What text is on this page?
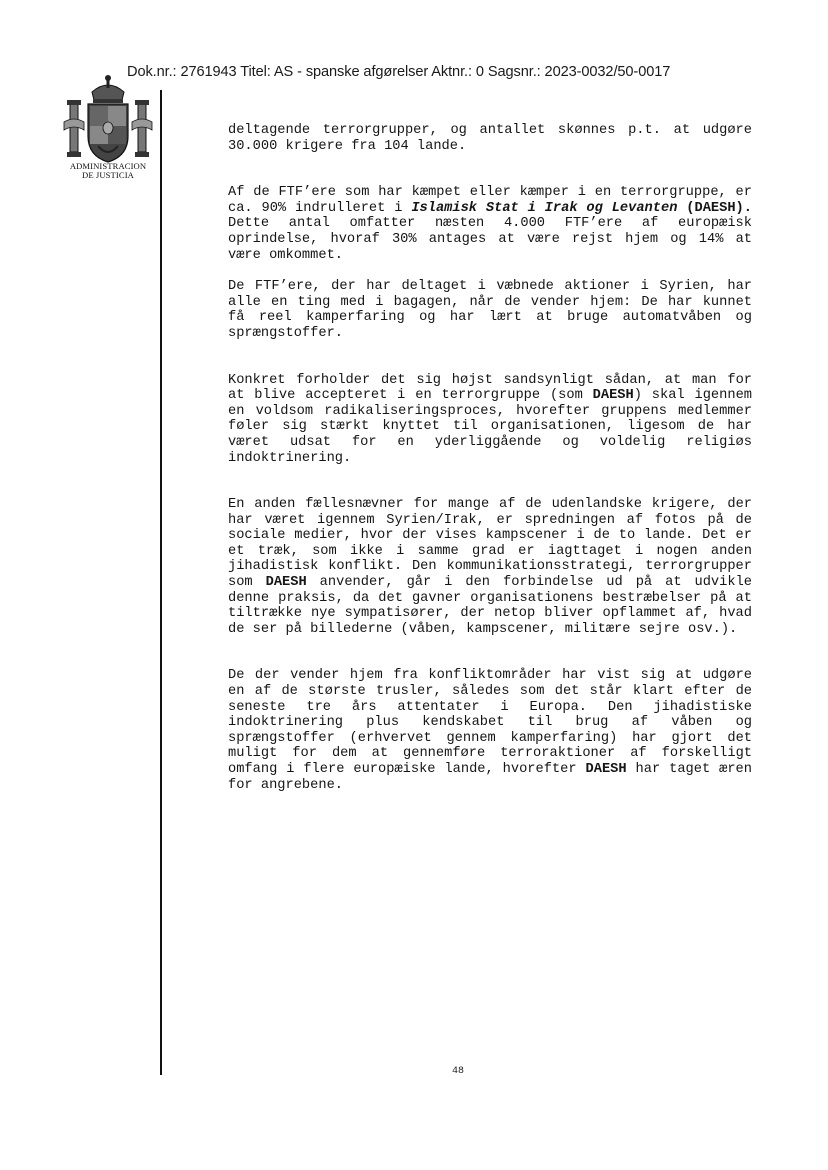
Dok.nr.: 2761943 Titel: AS - spanske afgørelser Aktnr.: 0 Sagsnr.: 2023-0032/50-0017
ADMINISTRACION
DE JUSTICIA

deltagende terrorgrupper, og antallet skønnes p.t. at udgøre 30.000 krigere fra 104 lande.

Af de FTF’ere som har kæmpet eller kæmper i en terrorgruppe, er ca. 90% indrulleret i Islamisk Stat i Irak og Levanten (DAESH). Dette antal omfatter næsten 4.000 FTF’ere af europæisk oprindelse, hvoraf 30% antages at være rejst hjem og 14% at være omkommet.

De FTF’ere, der har deltaget i væbnede aktioner i Syrien, har alle en ting med i bagagen, når de vender hjem: De har kunnet få reel kamperfaring og har lært at bruge automatvåben og sprængstoffer.

Konkret forholder det sig højst sandsynligt sådan, at man for at blive accepteret i en terrorgruppe (som DAESH) skal igennem en voldsom radikaliseringsproces, hvorefter gruppens medlemmer føler sig stærkt knyttet til organisationen, ligesom de har været udsat for en yderliggående og voldelig religiøs indoktrinering.

En anden fællesnævner for mange af de udenlandske krigere, der har været igennem Syrien/Irak, er spredningen af fotos på de sociale medier, hvor der vises kampscener i de to lande. Det er et træk, som ikke i samme grad er iagttaget i nogen anden jihadistisk konflikt. Den kommunikationsstrategi, terrorgrupper som DAESH anvender, går i den forbindelse ud på at udvikle denne praksis, da det gavner organisationens bestræbelser på at tiltrække nye sympatisører, der netop bliver opflammet af, hvad de ser på billederne (våben, kampscener, militære sejre osv.).

De der vender hjem fra konfliktområder har vist sig at udgøre en af de største trusler, således som det står klart efter de seneste tre års attentater i Europa. Den jihadistiske indoktrinering plus kendskabet til brug af våben og sprængstoffer (erhvervet gennem kamperfaring) har gjort det muligt for dem at gennemføre terroraktioner af forskelligt omfang i flere europæiske lande, hvorefter DAESH har taget æren for angrebene.

48
